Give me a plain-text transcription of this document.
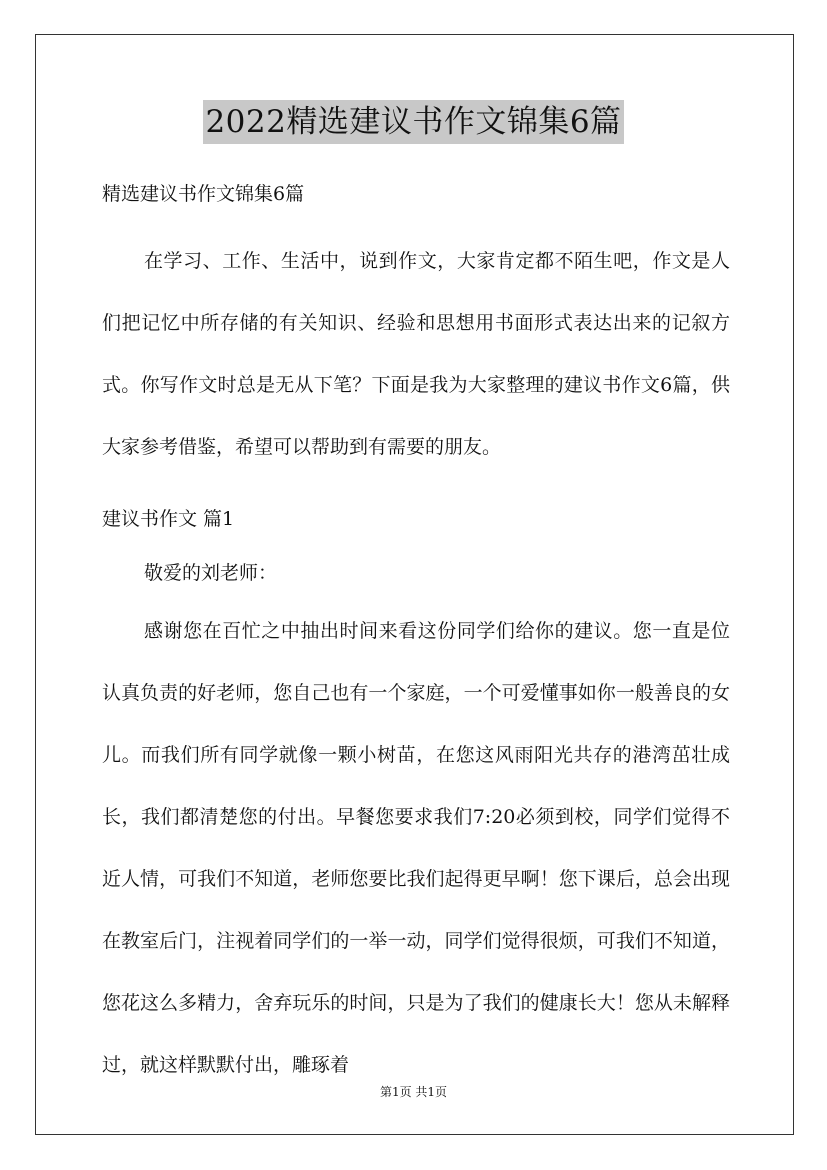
2022精选建议书作文锦集6篇
精选建议书作文锦集6篇
在学习、工作、生活中，说到作文，大家肯定都不陌生吧，作文是人们把记忆中所存储的有关知识、经验和思想用书面形式表达出来的记叙方式。你写作文时总是无从下笔？下面是我为大家整理的建议书作文6篇，供大家参考借鉴，希望可以帮助到有需要的朋友。
建议书作文 篇1
敬爱的刘老师：
感谢您在百忙之中抽出时间来看这份同学们给你的建议。您一直是位认真负责的好老师，您自己也有一个家庭，一个可爱懂事如你一般善良的女儿。而我们所有同学就像一颗小树苗，在您这风雨阳光共存的港湾茁壮成长，我们都清楚您的付出。早餐您要求我们7:20必须到校，同学们觉得不近人情，可我们不知道，老师您要比我们起得更早啊！您下课后，总会出现在教室后门，注视着同学们的一举一动，同学们觉得很烦，可我们不知道，您花这么多精力，舍弃玩乐的时间，只是为了我们的健康长大！您从未解释过，就这样默默付出，雕琢着
第1页 共1页
